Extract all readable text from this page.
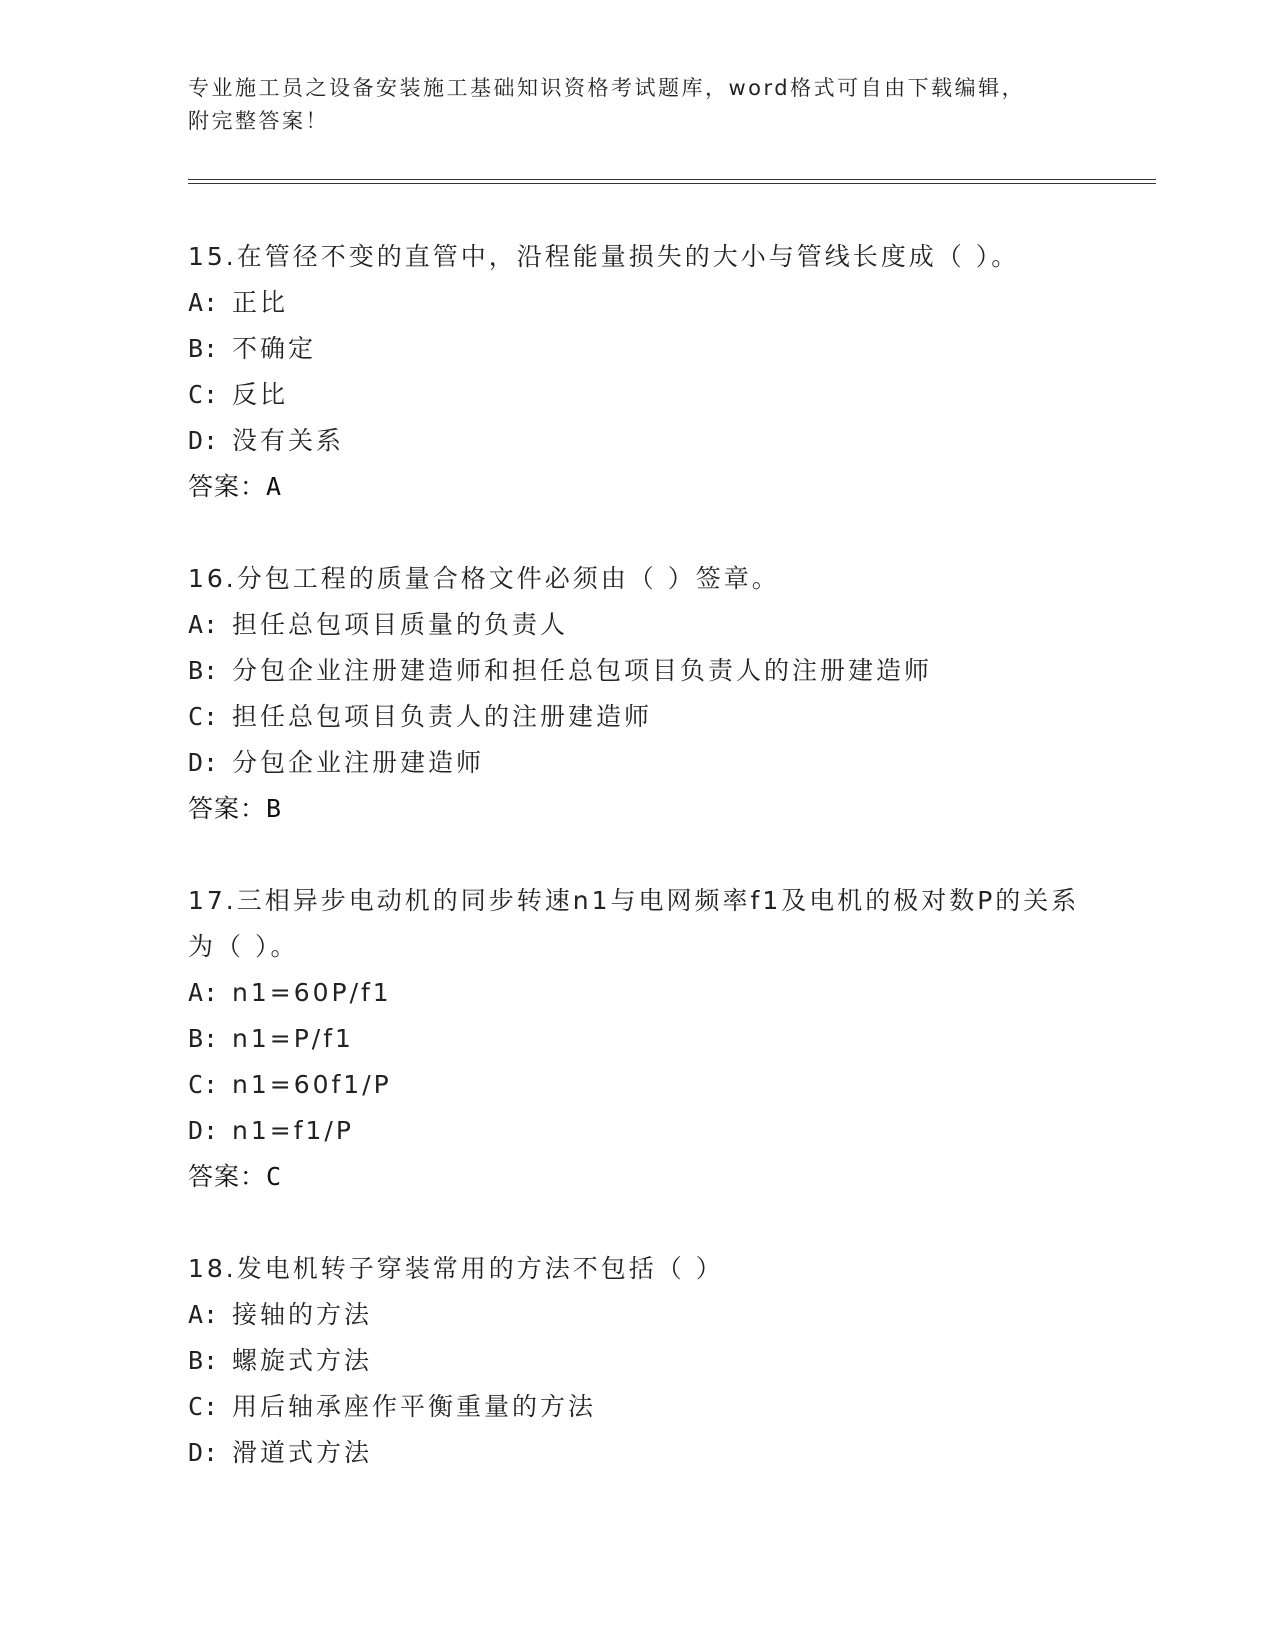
专业施工员之设备安装施工基础知识资格考试题库，word格式可自由下载编辑，
附完整答案！

15.在管径不变的直管中，沿程能量损失的大小与管线长度成（ ）。

A: 正比
B: 不确定
C: 反比
D: 没有关系
答案：A

16.分包工程的质量合格文件必须由（ ）签章。

A: 担任总包项目质量的负责人
B: 分包企业注册建造师和担任总包项目负责人的注册建造师
C: 担任总包项目负责人的注册建造师
D: 分包企业注册建造师
答案：B

17.三相异步电动机的同步转速n1与电网频率f1及电机的极对数P的关系为（ ）。

A: n1=60P/f1
B: n1=P/f1
C: n1=60f1/P
D: n1=f1/P
答案：C

18.发电机转子穿装常用的方法不包括（ ）

A: 接轴的方法
B: 螺旋式方法
C: 用后轴承座作平衡重量的方法
D: 滑道式方法
